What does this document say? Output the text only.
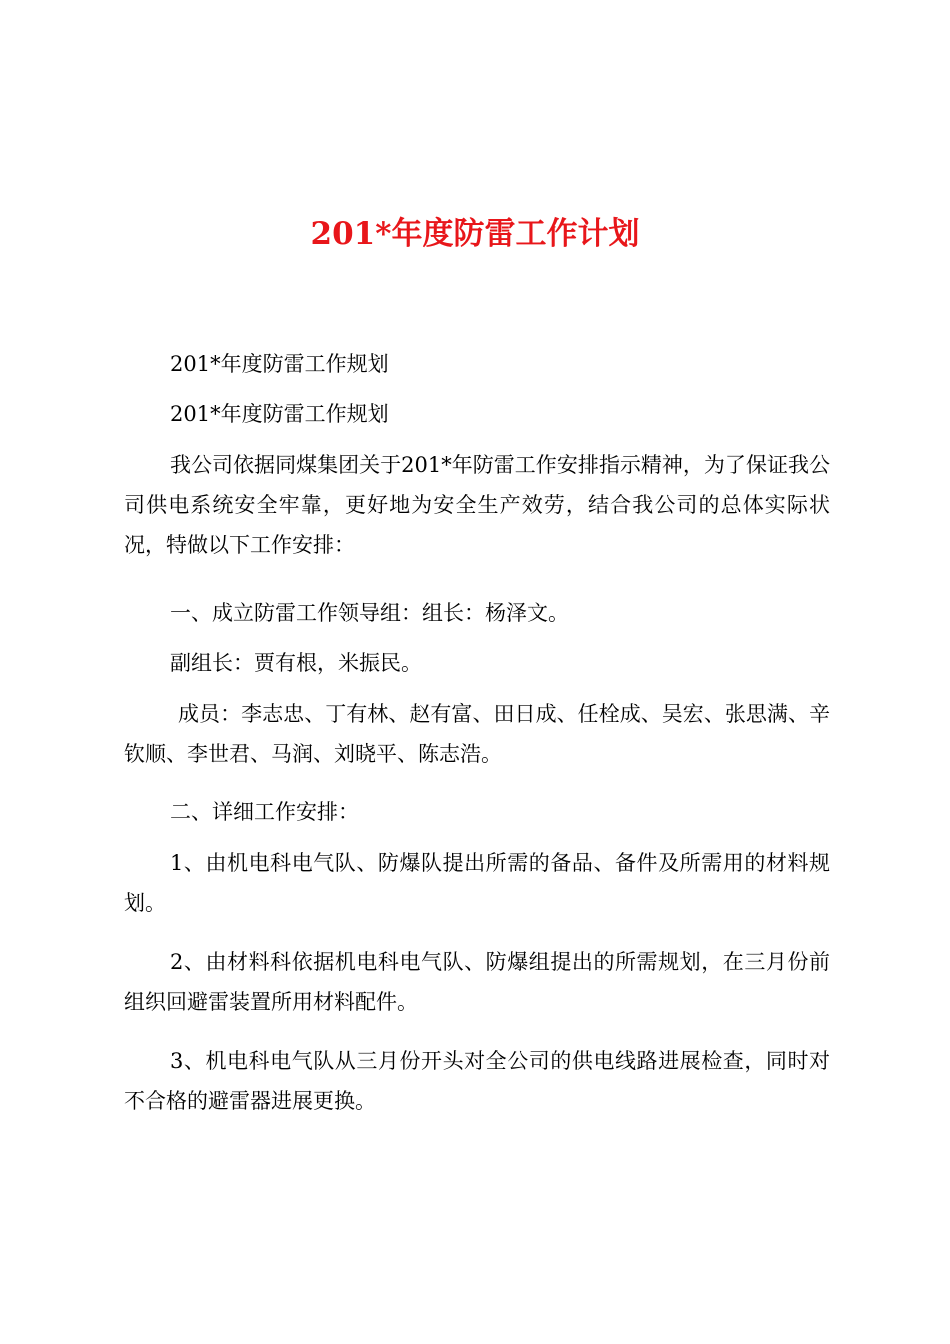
201*年度防雷工作计划

201*年度防雷工作规划

201*年度防雷工作规划

我公司依据同煤集团关于201*年防雷工作安排指示精神，为了保证我公司供电系统安全牢靠，更好地为安全生产效劳，结合我公司的总体实际状况，特做以下工作安排：

一、成立防雷工作领导组：组长：杨泽文。

副组长：贾有根，米振民。

成员：李志忠、丁有林、赵有富、田日成、任栓成、吴宏、张思满、辛钦顺、李世君、马润、刘晓平、陈志浩。

二、详细工作安排：

1、由机电科电气队、防爆队提出所需的备品、备件及所需用的材料规划。

2、由材料科依据机电科电气队、防爆组提出的所需规划，在三月份前组织回避雷装置所用材料配件。

3、机电科电气队从三月份开头对全公司的供电线路进展检查，同时对不合格的避雷器进展更换。
